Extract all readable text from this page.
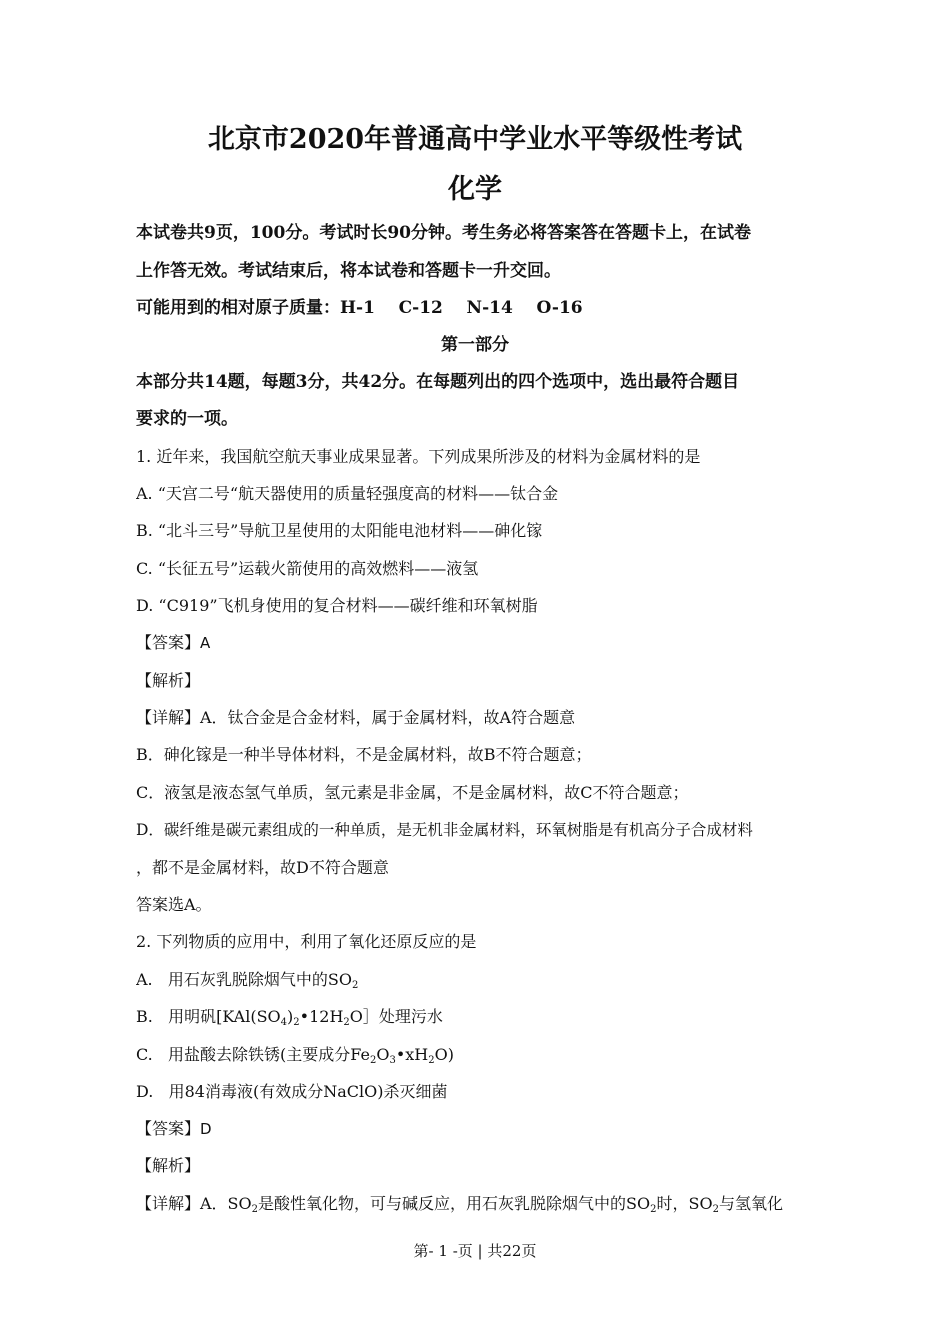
北京市2020年普通高中学业水平等级性考试
化学
本试卷共9页，100分。考试时长90分钟。考生务必将答案答在答题卡上，在试卷
上作答无效。考试结束后，将本试卷和答题卡一升交回。
可能用到的相对原子质量：H-1    C-12    N-14    O-16
第一部分
本部分共14题，每题3分，共42分。在每题列出的四个选项中，选出最符合题目
要求的一项。
1. 近年来，我国航空航天事业成果显著。下列成果所涉及的材料为金属材料的是
A. “天宫二号“航天器使用的质量轻强度高的材料——钛合金
B. “北斗三号”导航卫星使用的太阳能电池材料——砷化镓
C. “长征五号”运载火箭使用的高效燃料——液氢
D. “C919”飞机身使用的复合材料——碳纤维和环氧树脂
【答案】A
【解析】
【详解】A．钛合金是合金材料，属于金属材料，故A符合题意
B．砷化镓是一种半导体材料，不是金属材料，故B不符合题意；
C．液氢是液态氢气单质，氢元素是非金属，不是金属材料，故C不符合题意；
D．碳纤维是碳元素组成的一种单质，是无机非金属材料，环氧树脂是有机高分子合成材料
，都不是金属材料，故D不符合题意
答案选A。
2. 下列物质的应用中，利用了氧化还原反应的是
A.   用石灰乳脱除烟气中的$SO_2$
B.   用明矾[$KAl(SO_4)_2•12H_2O]$处理污水
C.   用盐酸去除铁锈(主要成分$Fe_2O_3•xH_2O$)
D.   用84消毒液(有效成分NaClO)杀灭细菌
【答案】D
【解析】
【详解】A．$SO_2$是酸性氧化物，可与碱反应，用石灰乳脱除烟气中的$SO_2$时，$SO_2$与氢氧化
第- 1 -页 | 共22页
